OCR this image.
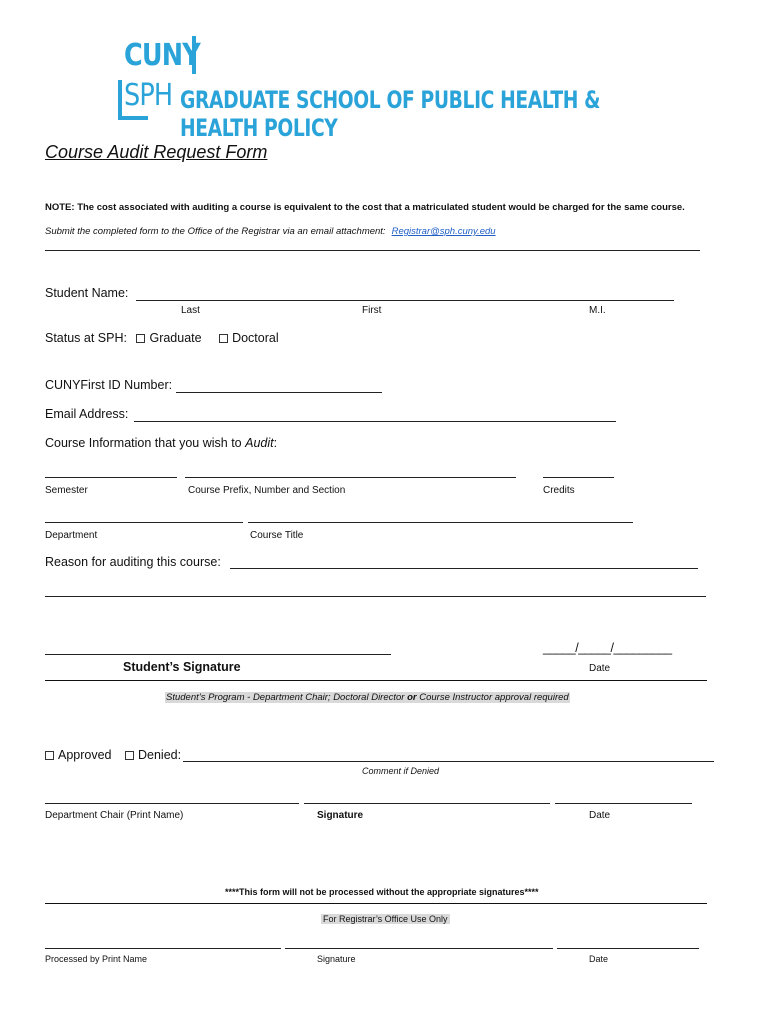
CUNY
SPH GRADUATE SCHOOL OF PUBLIC HEALTH & HEALTH POLICY
Course Audit Request Form
NOTE: The cost associated with auditing a course is equivalent to the cost that a matriculated student would be charged for the same course.
Submit the completed form to the Office of the Registrar via an email attachment: Registrar@sph.cuny.edu
Student Name:
Last	First	M.I.
Status at SPH: Graduate Doctoral
CUNYFirst ID Number:
Email Address:
Course Information that you wish to Audit:
Semester	Course Prefix, Number and Section	Credits
Department	Course Title
Reason for auditing this course:
_____/_____/_________
Student’s Signature	Date
Student’s Program - Department Chair; Doctoral Director or Course Instructor approval required
Approved Denied:
Comment if Denied
Department Chair (Print Name)	Signature	Date
****This form will not be processed without the appropriate signatures****
For Registrar’s Office Use Only
Processed by Print Name	Signature	Date
